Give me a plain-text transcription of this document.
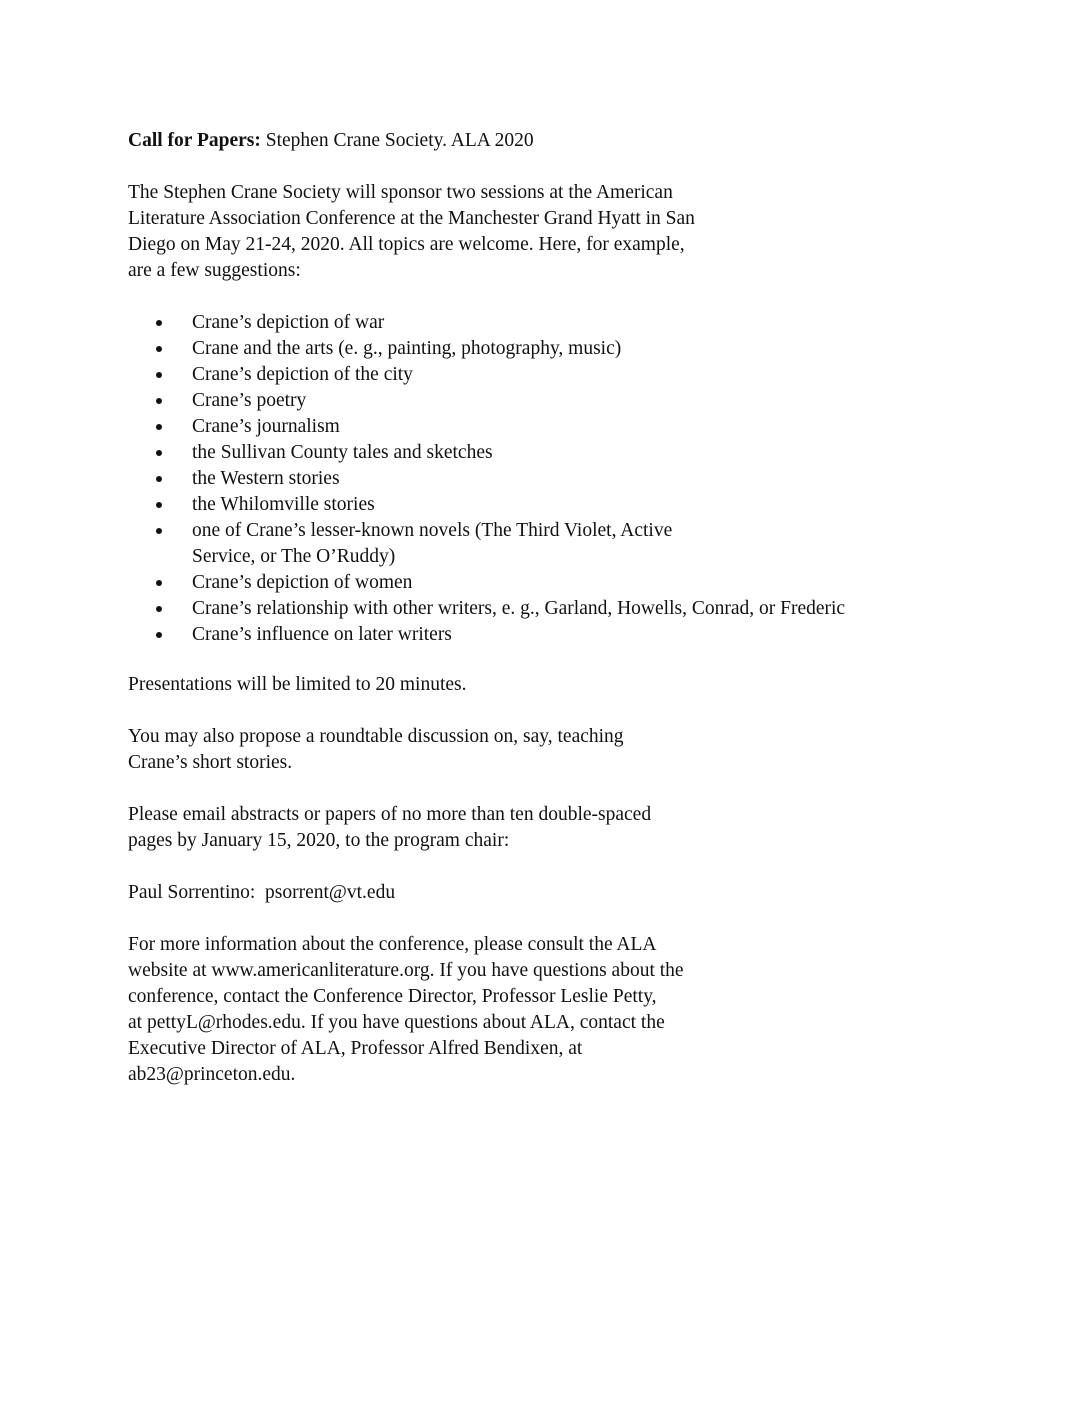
Call for Papers: Stephen Crane Society. ALA 2020
The Stephen Crane Society will sponsor two sessions at the American
Literature Association Conference at the Manchester Grand Hyatt in San
Diego on May 21-24, 2020. All topics are welcome. Here, for example,
are a few suggestions:
Crane’s depiction of war
Crane and the arts (e. g., painting, photography, music)
Crane’s depiction of the city
Crane’s poetry
Crane’s journalism
the Sullivan County tales and sketches
the Western stories
the Whilomville stories
one of Crane’s lesser-known novels (The Third Violet, Active
Service, or The O’Ruddy)
Crane’s depiction of women
Crane’s relationship with other writers, e. g., Garland, Howells, Conrad, or Frederic
Crane’s influence on later writers
Presentations will be limited to 20 minutes.
You may also propose a roundtable discussion on, say, teaching
Crane’s short stories.
Please email abstracts or papers of no more than ten double-spaced
pages by January 15, 2020, to the program chair:
Paul Sorrentino:  psorrent@vt.edu
For more information about the conference, please consult the ALA
website at www.americanliterature.org. If you have questions about the
conference, contact the Conference Director, Professor Leslie Petty,
at pettyL@rhodes.edu. If you have questions about ALA, contact the
Executive Director of ALA, Professor Alfred Bendixen, at
ab23@princeton.edu.
